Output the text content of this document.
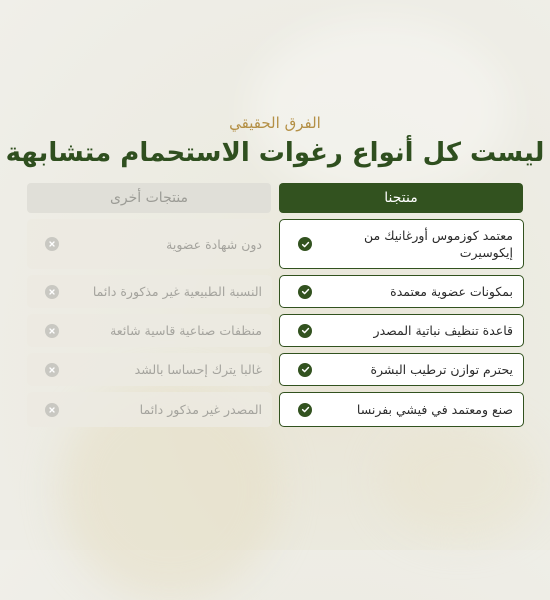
الفرق الحقيقي
ليست كل أنواع رغوات الاستحمام متشابهة
منتجنا
منتجات أخرى
معتمد كوزموس أورغانيك من إيكوسيرت
بمكونات عضوية معتمدة
قاعدة تنظيف نباتية المصدر
يحترم توازن ترطيب البشرة
صنع ومعتمد في فيشي بفرنسا
دون شهادة عضوية
النسبة الطبيعية غير مذكورة دائما
منظفات صناعية قاسية شائعة
غالبا يترك إحساسا بالشد
المصدر غير مذكور دائما
